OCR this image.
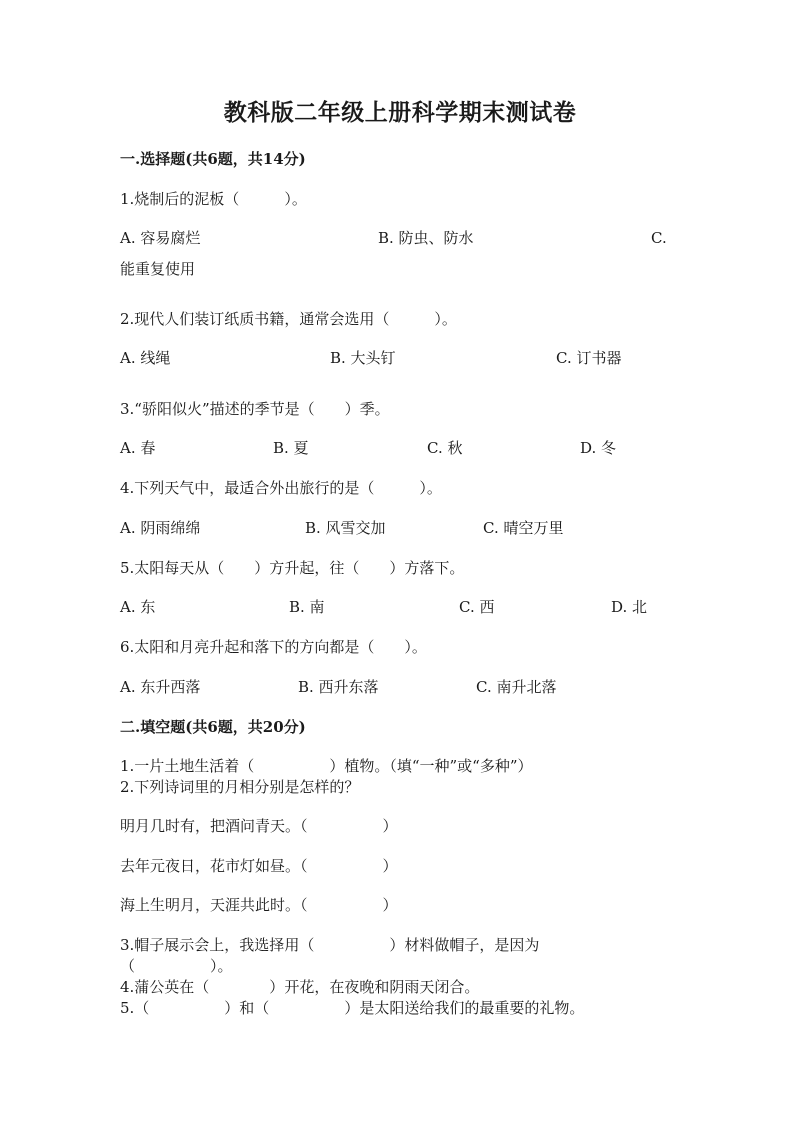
教科版二年级上册科学期末测试卷
一.选择题(共6题，共14分)
1.烧制后的泥板（　　　）。
A. 容易腐烂	B. 防虫、防水	C.
能重复使用
2.现代人们装订纸质书籍，通常会选用（　　　）。
A. 线绳	B. 大头钉	C. 订书器
3.“骄阳似火”描述的季节是（　　）季。
A. 春	B. 夏	C. 秋	D. 冬
4.下列天气中，最适合外出旅行的是（　　　）。
A. 阴雨绵绵	B. 风雪交加	C. 晴空万里
5.太阳每天从（　　）方升起，往（　　）方落下。
A. 东	B. 南	C. 西	D. 北
6.太阳和月亮升起和落下的方向都是（　　）。
A. 东升西落	B. 西升东落	C. 南升北落
二.填空题(共6题，共20分)
1.一片土地生活着（　　　　　）植物。（填“一种”或“多种”）
2.下列诗词里的月相分别是怎样的？
明月几时有，把酒问青天。（　　　　　）
去年元夜日，花市灯如昼。（　　　　　）
海上生明月，天涯共此时。（　　　　　）
3.帽子展示会上，我选择用（　　　　　）材料做帽子，是因为
（　　　　　）。
4.蒲公英在（　　　　）开花，在夜晚和阴雨天闭合。
5.（　　　　　）和（　　　　　）是太阳送给我们的最重要的礼物。
